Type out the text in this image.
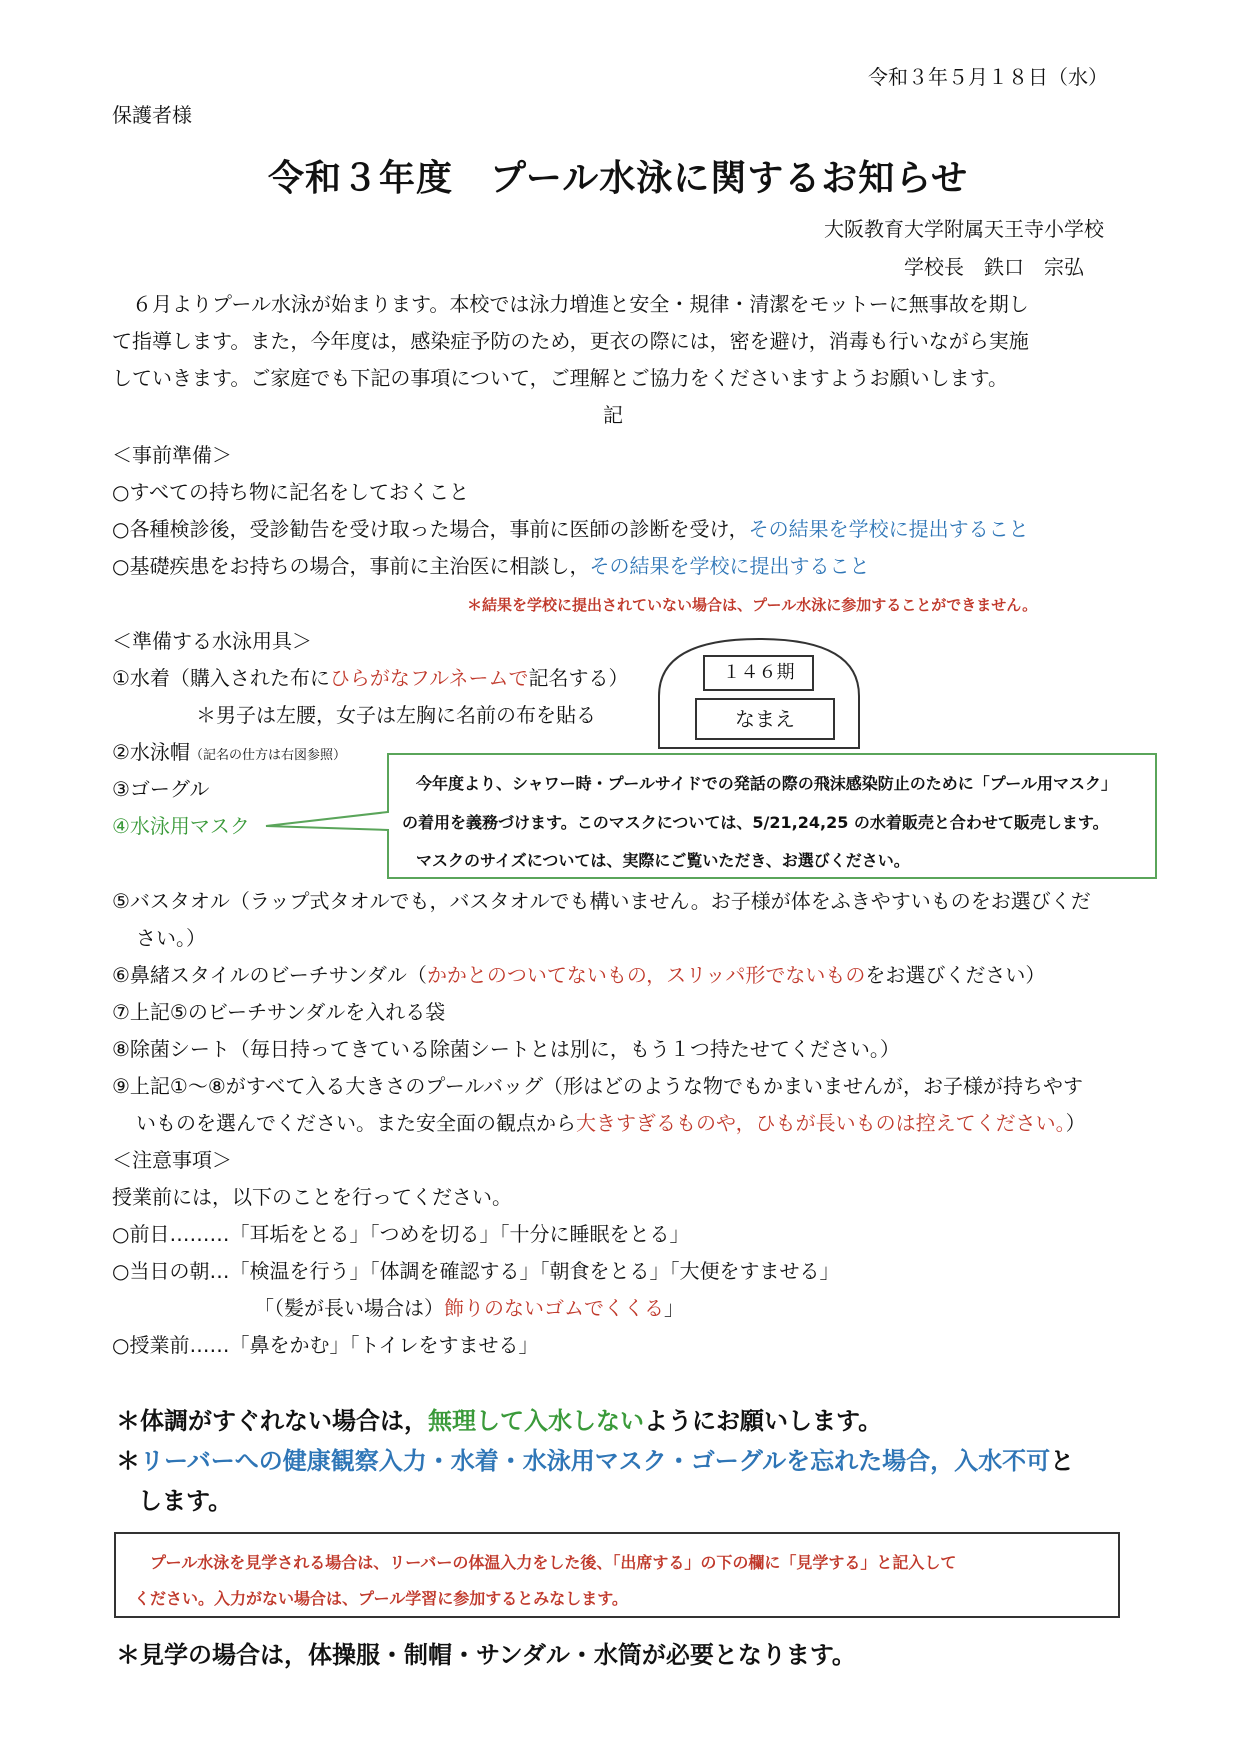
令和３年５月１８日（水）
保護者様
令和３年度　プール水泳に関するお知らせ
大阪教育大学附属天王寺小学校
学校長　鉄口　宗弘
　６月よりプール水泳が始まります。本校では泳力増進と安全・規律・清潔をモットーに無事故を期し
て指導します。また，今年度は，感染症予防のため，更衣の際には，密を避け，消毒も行いながら実施
していきます。ご家庭でも下記の事項について，ご理解とご協力をくださいますようお願いします。
記
＜事前準備＞
○すべての持ち物に記名をしておくこと
○各種検診後，受診勧告を受け取った場合，事前に医師の診断を受け，その結果を学校に提出すること
○基礎疾患をお持ちの場合，事前に主治医に相談し，その結果を学校に提出すること
＊結果を学校に提出されていない場合は、プール水泳に参加することができません。
＜準備する水泳用具＞
①水着（購入された布にひらがなフルネームで記名する）
＊男子は左腰，女子は左胸に名前の布を貼る
②水泳帽（記名の仕方は右図参照）
③ゴーグル
④水泳用マスク
１４６期
なまえ
今年度より、シャワー時・プールサイドでの発話の際の飛沫感染防止のために「プール用マスク」
の着用を義務づけます。このマスクについては、5/21,24,25 の水着販売と合わせて販売します。
マスクのサイズについては、実際にご覧いただき、お選びください。
⑤バスタオル（ラップ式タオルでも，バスタオルでも構いません。お子様が体をふきやすいものをお選びくだ
さい。）
⑥鼻緒スタイルのビーチサンダル（かかとのついてないもの，スリッパ形でないものをお選びください）
⑦上記⑤のビーチサンダルを入れる袋
⑧除菌シート（毎日持ってきている除菌シートとは別に，もう１つ持たせてください。）
⑨上記①～⑧がすべて入る大きさのプールバッグ（形はどのような物でもかまいませんが，お子様が持ちやす
いものを選んでください。また安全面の観点から大きすぎるものや，ひもが長いものは控えてください。）
＜注意事項＞
授業前には，以下のことを行ってください。
○前日………「耳垢をとる」「つめを切る」「十分に睡眠をとる」
○当日の朝…「検温を行う」「体調を確認する」「朝食をとる」「大便をすませる」
「（髪が長い場合は）飾りのないゴムでくくる」
○授業前……「鼻をかむ」「トイレをすませる」
＊体調がすぐれない場合は，無理して入水しないようにお願いします。
＊リーバーへの健康観察入力・水着・水泳用マスク・ゴーグルを忘れた場合，入水不可と
します。
プール水泳を見学される場合は、リーバーの体温入力をした後、「出席する」の下の欄に「見学する」と記入して
ください。入力がない場合は、プール学習に参加するとみなします。
＊見学の場合は，体操服・制帽・サンダル・水筒が必要となります。
